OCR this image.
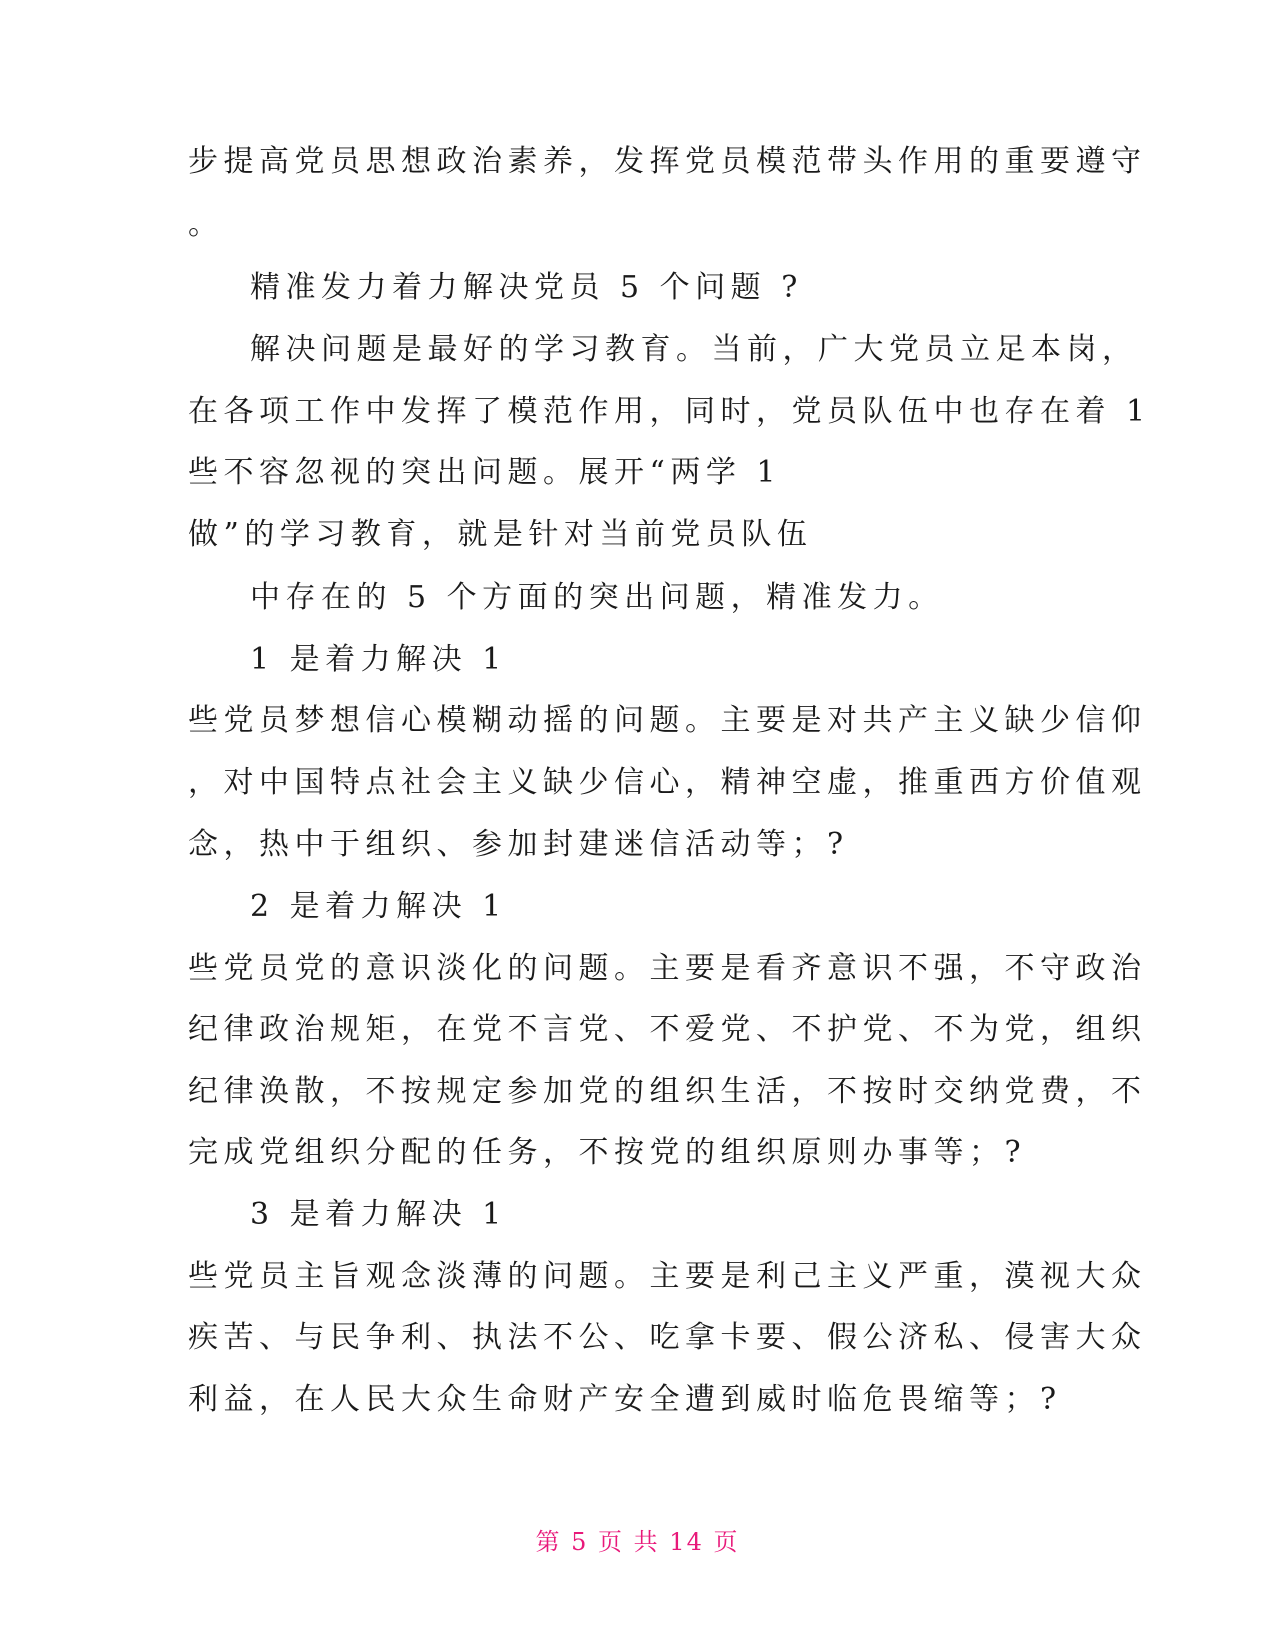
步提高党员思想政治素养，发挥党员模范带头作用的重要遵守
。
精准发力着力解决党员 5 个问题 ?
解决问题是最好的学习教育。当前，广大党员立足本岗，
在各项工作中发挥了模范作用，同时，党员队伍中也存在着 1
些不容忽视的突出问题。展开“两学 1
做”的学习教育，就是针对当前党员队伍
中存在的 5 个方面的突出问题，精准发力。
1 是着力解决 1
些党员梦想信心模糊动摇的问题。主要是对共产主义缺少信仰
，对中国特点社会主义缺少信心，精神空虚，推重西方价值观
念，热中于组织、参加封建迷信活动等；?
2 是着力解决 1
些党员党的意识淡化的问题。主要是看齐意识不强，不守政治
纪律政治规矩，在党不言党、不爱党、不护党、不为党，组织
纪律涣散，不按规定参加党的组织生活，不按时交纳党费，不
完成党组织分配的任务，不按党的组织原则办事等；?
3 是着力解决 1
些党员主旨观念淡薄的问题。主要是利己主义严重，漠视大众
疾苦、与民争利、执法不公、吃拿卡要、假公济私、侵害大众
利益，在人民大众生命财产安全遭到威时临危畏缩等；?
第 5 页 共 14 页
